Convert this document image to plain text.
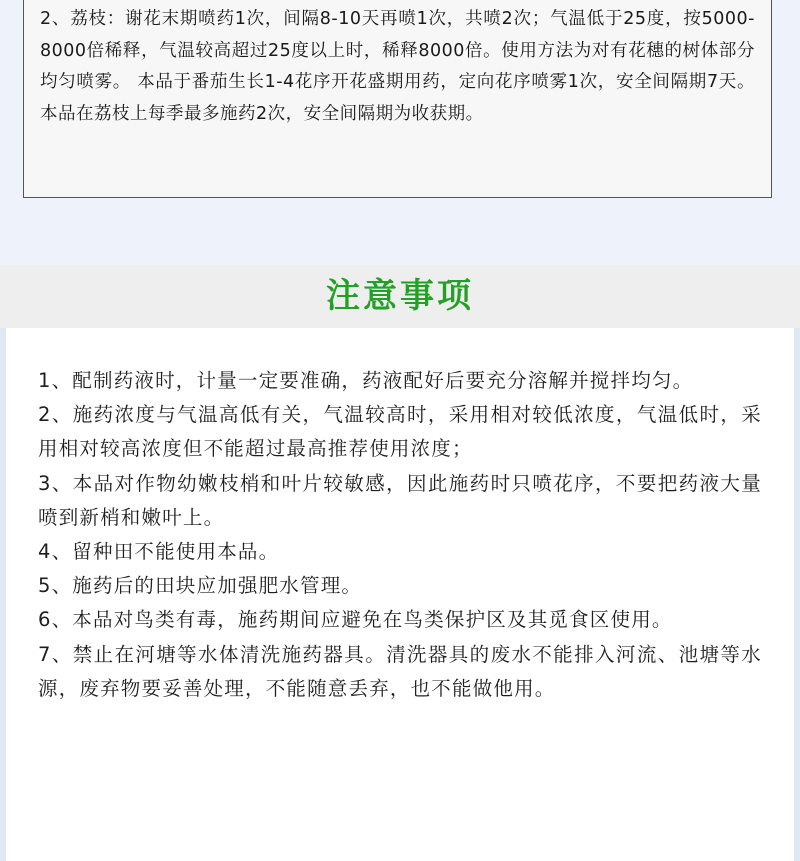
2、荔枝：谢花末期喷药1次，间隔8-10天再喷1次，共喷2次；气温低于25度，按5000-8000倍稀释，气温较高超过25度以上时，稀释8000倍。使用方法为对有花穗的树体部分均匀喷雾。 本品于番茄生长1-4花序开花盛期用药，定向花序喷雾1次，安全间隔期7天。本品在荔枝上每季最多施药2次，安全间隔期为收获期。

注意事项

1、配制药液时，计量一定要准确，药液配好后要充分溶解并搅拌均匀。

2、施药浓度与气温高低有关，气温较高时，采用相对较低浓度，气温低时，采用相对较高浓度但不能超过最高推荐使用浓度；

3、本品对作物幼嫩枝梢和叶片较敏感，因此施药时只喷花序，不要把药液大量喷到新梢和嫩叶上。

4、留种田不能使用本品。

5、施药后的田块应加强肥水管理。

6、本品对鸟类有毒，施药期间应避免在鸟类保护区及其觅食区使用。

7、禁止在河塘等水体清洗施药器具。清洗器具的废水不能排入河流、池塘等水源，废弃物要妥善处理，不能随意丢弃，也不能做他用。
